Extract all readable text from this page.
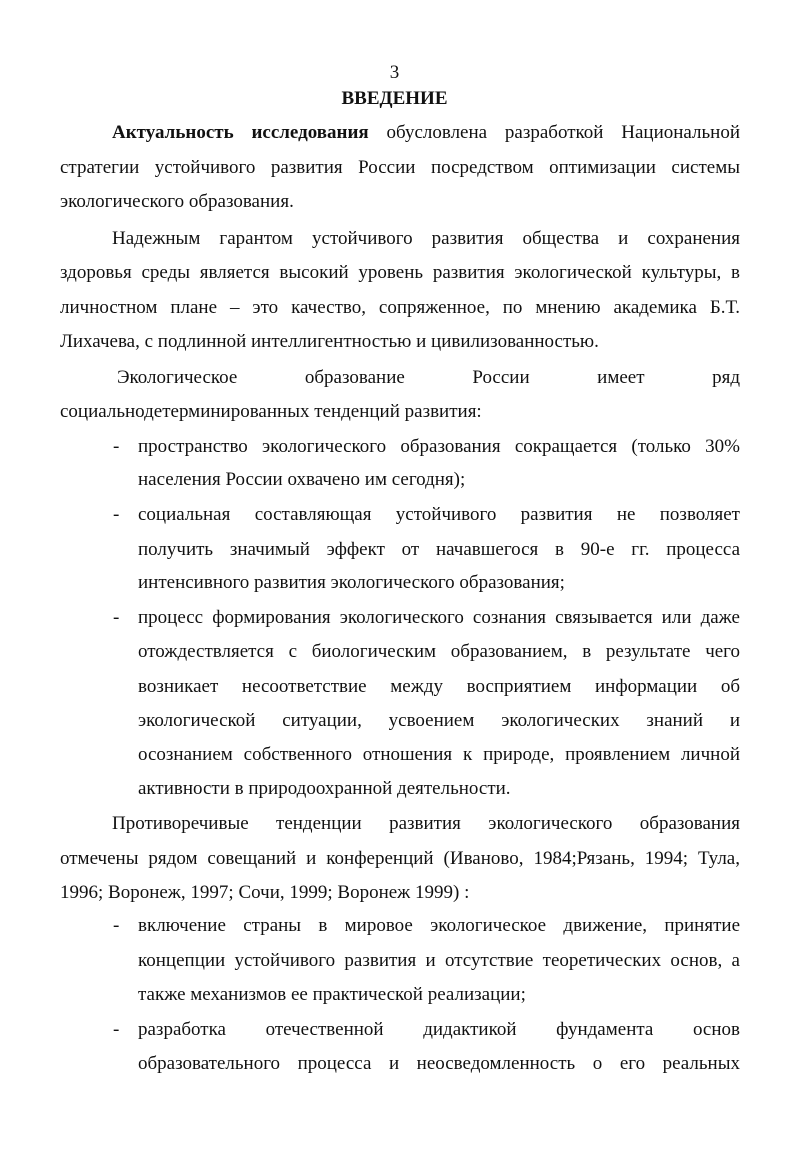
3
ВВЕДЕНИЕ
Актуальность исследования обусловлена разработкой Национальной
стратегии устойчивого развития России посредством оптимизации системы
экологического образования.
Надежным гарантом устойчивого развития общества и сохранения
здоровья среды является высокий уровень развития экологической культуры, в
личностном плане – это качество, сопряженное, по мнению академика Б.Т.
Лихачева, с подлинной интеллигентностью и цивилизованностью.
Экологическое образование России имеет ряд
социальнодетерминированных тенденций развития:
- пространство экологического образования сокращается (только 30%
населения России охвачено им сегодня);
- социальная составляющая устойчивого развития не позволяет
получить значимый эффект от начавшегося в 90-е гг. процесса
интенсивного развития экологического образования;
- процесс формирования экологического сознания связывается или даже
отождествляется с биологическим образованием, в результате чего
возникает несоответствие между восприятием информации об
экологической ситуации, усвоением экологических знаний и
осознанием собственного отношения к природе, проявлением личной
активности в природоохранной деятельности.
Противоречивые тенденции развития экологического образования
отмечены рядом совещаний и конференций (Иваново, 1984;Рязань, 1994; Тула,
1996; Воронеж, 1997; Сочи, 1999; Воронеж 1999) :
- включение страны в мировое экологическое движение, принятие
концепции устойчивого развития и отсутствие теоретических основ, а
также механизмов ее практической реализации;
- разработка отечественной дидактикой фундамента основ
образовательного процесса и неосведомленность о его реальных
